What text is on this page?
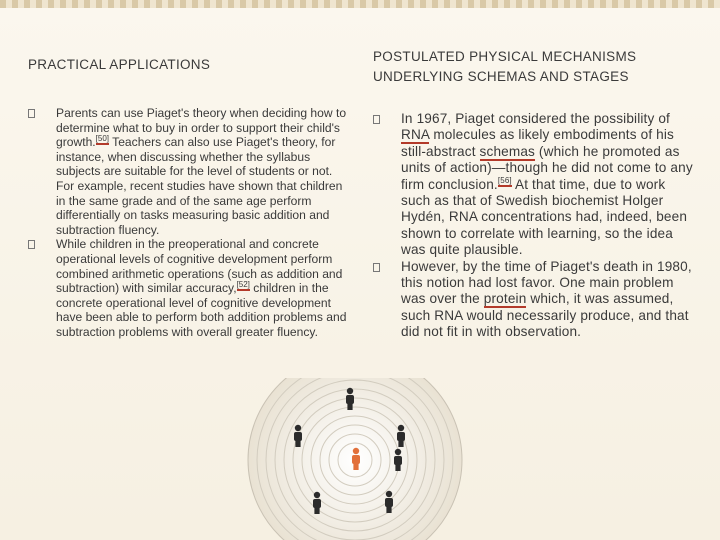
PRACTICAL APPLICATIONS
Parents can use Piaget's theory when deciding how to determine what to buy in order to support their child's growth.[50] Teachers can also use Piaget's theory, for instance, when discussing whether the syllabus subjects are suitable for the level of students or not. For example, recent studies have shown that children in the same grade and of the same age perform differentially on tasks measuring basic addition and subtraction fluency.
While children in the preoperational and concrete operational levels of cognitive development perform combined arithmetic operations (such as addition and subtraction) with similar accuracy,[52] children in the concrete operational level of cognitive development have been able to perform both addition problems and subtraction problems with overall greater fluency.
POSTULATED PHYSICAL MECHANISMS
UNDERLYING SCHEMAS AND STAGES
In 1967, Piaget considered the possibility of RNA molecules as likely embodiments of his still-abstract schemas (which he promoted as units of action)—though he did not come to any firm conclusion.[56] At that time, due to work such as that of Swedish biochemist Holger Hydén, RNA concentrations had, indeed, been shown to correlate with learning, so the idea was quite plausible.
However, by the time of Piaget's death in 1980, this notion had lost favor. One main problem was over the protein which, it was assumed, such RNA would necessarily produce, and that did not fit in with observation.
